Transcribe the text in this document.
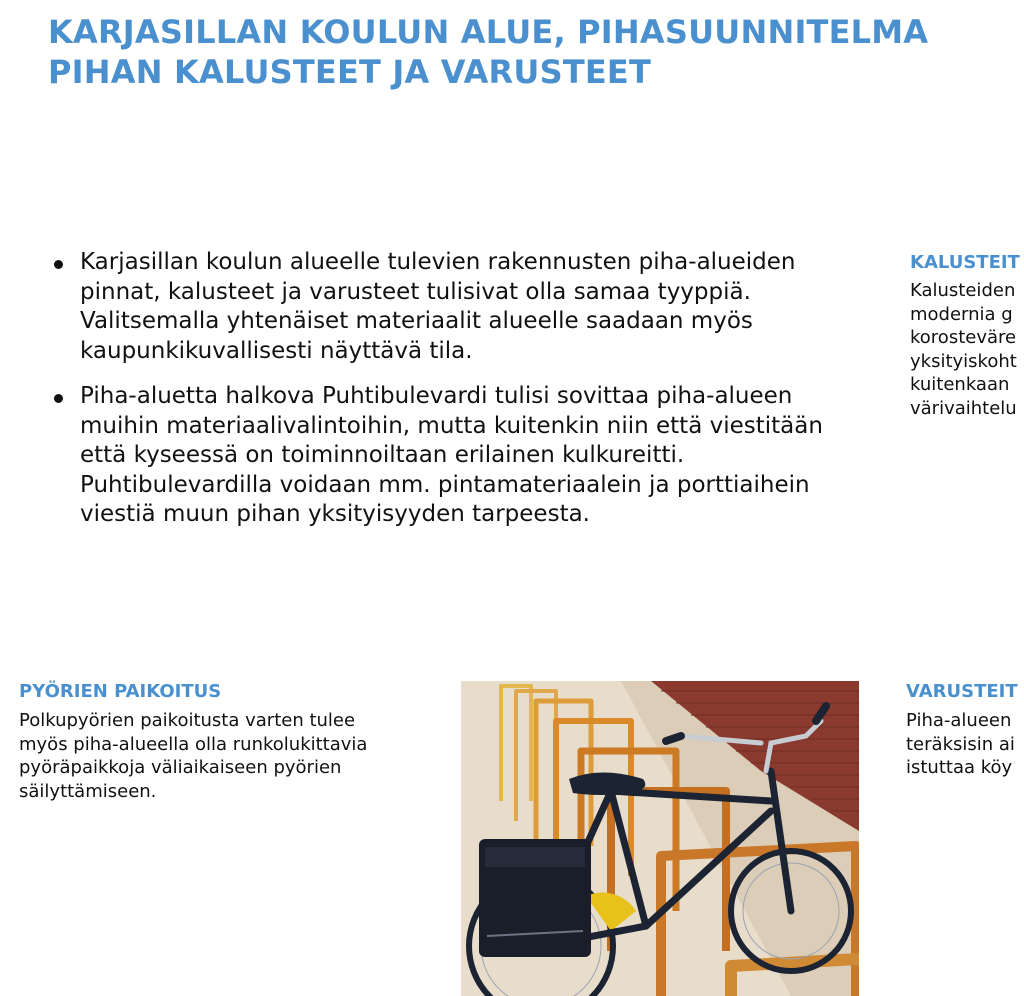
KARJASILLAN KOULUN ALUE, PIHASUUNNITELMA
PIHAN KALUSTEET JA VARUSTEET
Karjasillan koulun alueelle tulevien rakennusten piha-alueiden
pinnat, kalusteet ja varusteet tulisivat olla samaa tyyppiä.
Valitsemalla yhtenäiset materiaalit alueelle saadaan myös
kaupunkikuvallisesti näyttävä tila.
Piha-aluetta halkova Puhtibulevardi tulisi sovittaa piha-alueen
muihin materiaalivalintoihin, mutta kuitenkin niin että viestitään
että kyseessä on toiminnoiltaan erilainen kulkureitti.
Puhtibulevardilla voidaan mm. pintamateriaalein ja porttiaihein
viestiä muun pihan yksityisyyden tarpeesta.
KALUSTEIT
Kalusteiden
modernia g
korosteväre
yksityiskoht
kuitenkaan
värivaihtelu
PYÖRIEN PAIKOITUS
Polkupyörien paikoitusta varten tulee
myös piha-alueella olla runkolukittavia
pyöräpaikkoja väliaikaiseen pyörien
säilyttämiseen.
VARUSTEIT
Piha-alueen
teräksisin ai
istuttaa köy
